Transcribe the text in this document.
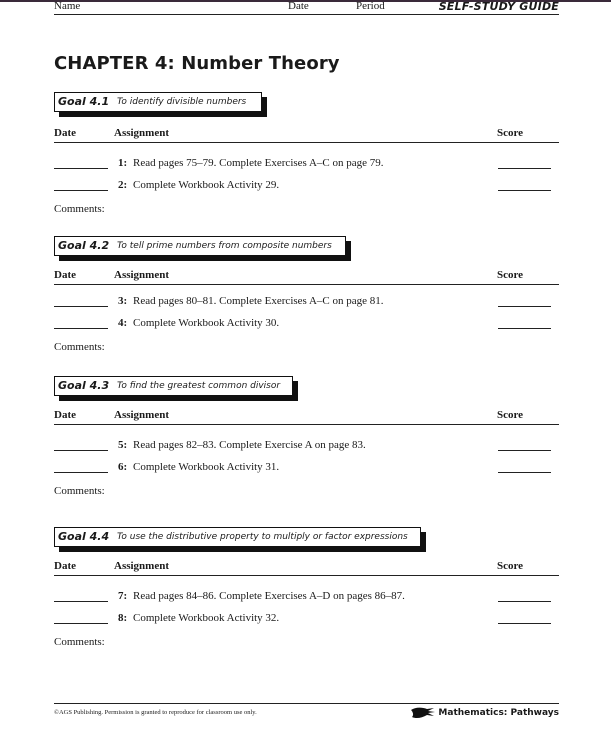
Name	Date	Period	SELF-STUDY GUIDE
CHAPTER 4: Number Theory
Goal 4.1 To identify divisible numbers
Date	Assignment	Score
1: Read pages 75–79. Complete Exercises A–C on page 79.
2: Complete Workbook Activity 29.
Comments:
Goal 4.2 To tell prime numbers from composite numbers
Date	Assignment	Score
3: Read pages 80–81. Complete Exercises A–C on page 81.
4: Complete Workbook Activity 30.
Comments:
Goal 4.3 To find the greatest common divisor
Date	Assignment	Score
5: Read pages 82–83. Complete Exercise A on page 83.
6: Complete Workbook Activity 31.
Comments:
Goal 4.4 To use the distributive property to multiply or factor expressions
Date	Assignment	Score
7: Read pages 84–86. Complete Exercises A–D on pages 86–87.
8: Complete Workbook Activity 32.
Comments:
©AGS Publishing. Permission is granted to reproduce for classroom use only.	Mathematics: Pathways
